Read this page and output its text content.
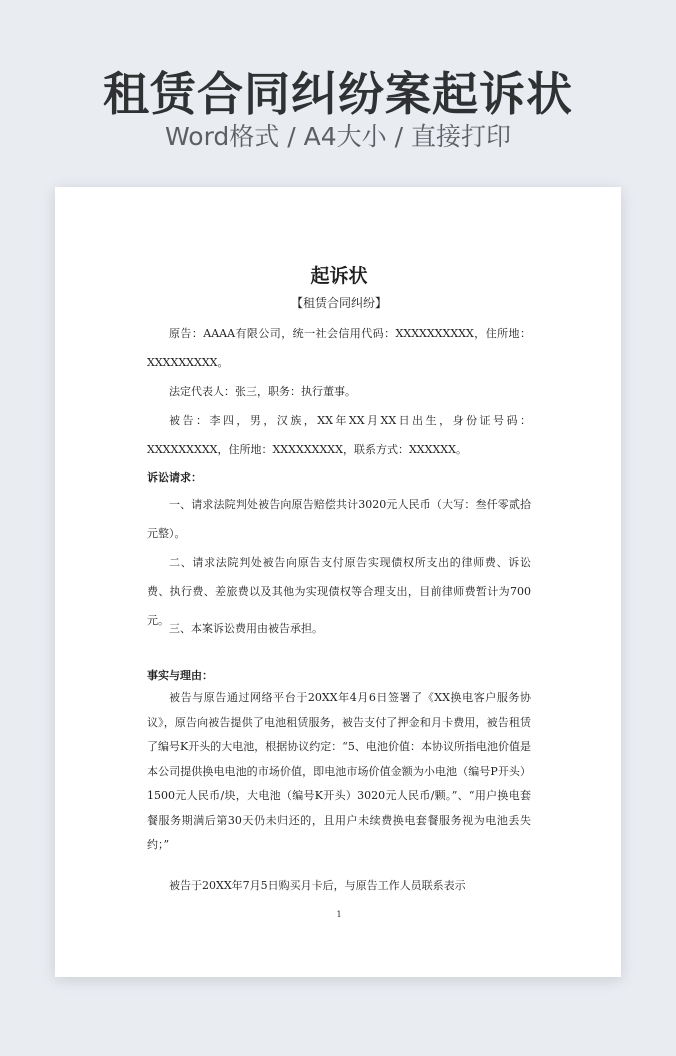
租赁合同纠纷案起诉状
Word格式 / A4大小 / 直接打印
起诉状
【租赁合同纠纷】

原告：AAAA有限公司，统一社会信用代码：XXXXXXXXXX，住所地：XXXXXXXXX。

法定代表人：张三，职务：执行董事。

被告：李四，男，汉族，XX年XX月XX日出生，身份证号码：XXXXXXXXX，住所地：XXXXXXXXX，联系方式：XXXXXX。

诉讼请求：

一、请求法院判处被告向原告赔偿共计3020元人民币（大写：叁仟零贰拾元整）。

二、请求法院判处被告向原告支付原告实现债权所支出的律师费、诉讼费、执行费、差旅费以及其他为实现债权等合理支出，目前律师费暂计为700元。

三、本案诉讼费用由被告承担。

事实与理由：

被告与原告通过网络平台于20XX年4月6日签署了《XX换电客户服务协议》，原告向被告提供了电池租赁服务，被告支付了押金和月卡费用，被告租赁了编号K开头的大电池，根据协议约定：“5、电池价值：本协议所指电池价值是本公司提供换电电池的市场价值，即电池市场价值金额为小电池（编号P开头）1500元人民币/块，大电池（编号K开头）3020元人民币/颗。”、“用户换电套餐服务期满后第30天仍未归还的，且用户未续费换电套餐服务视为电池丢失约；”

被告于20XX年7月5日购买月卡后，与原告工作人员联系表示

1
